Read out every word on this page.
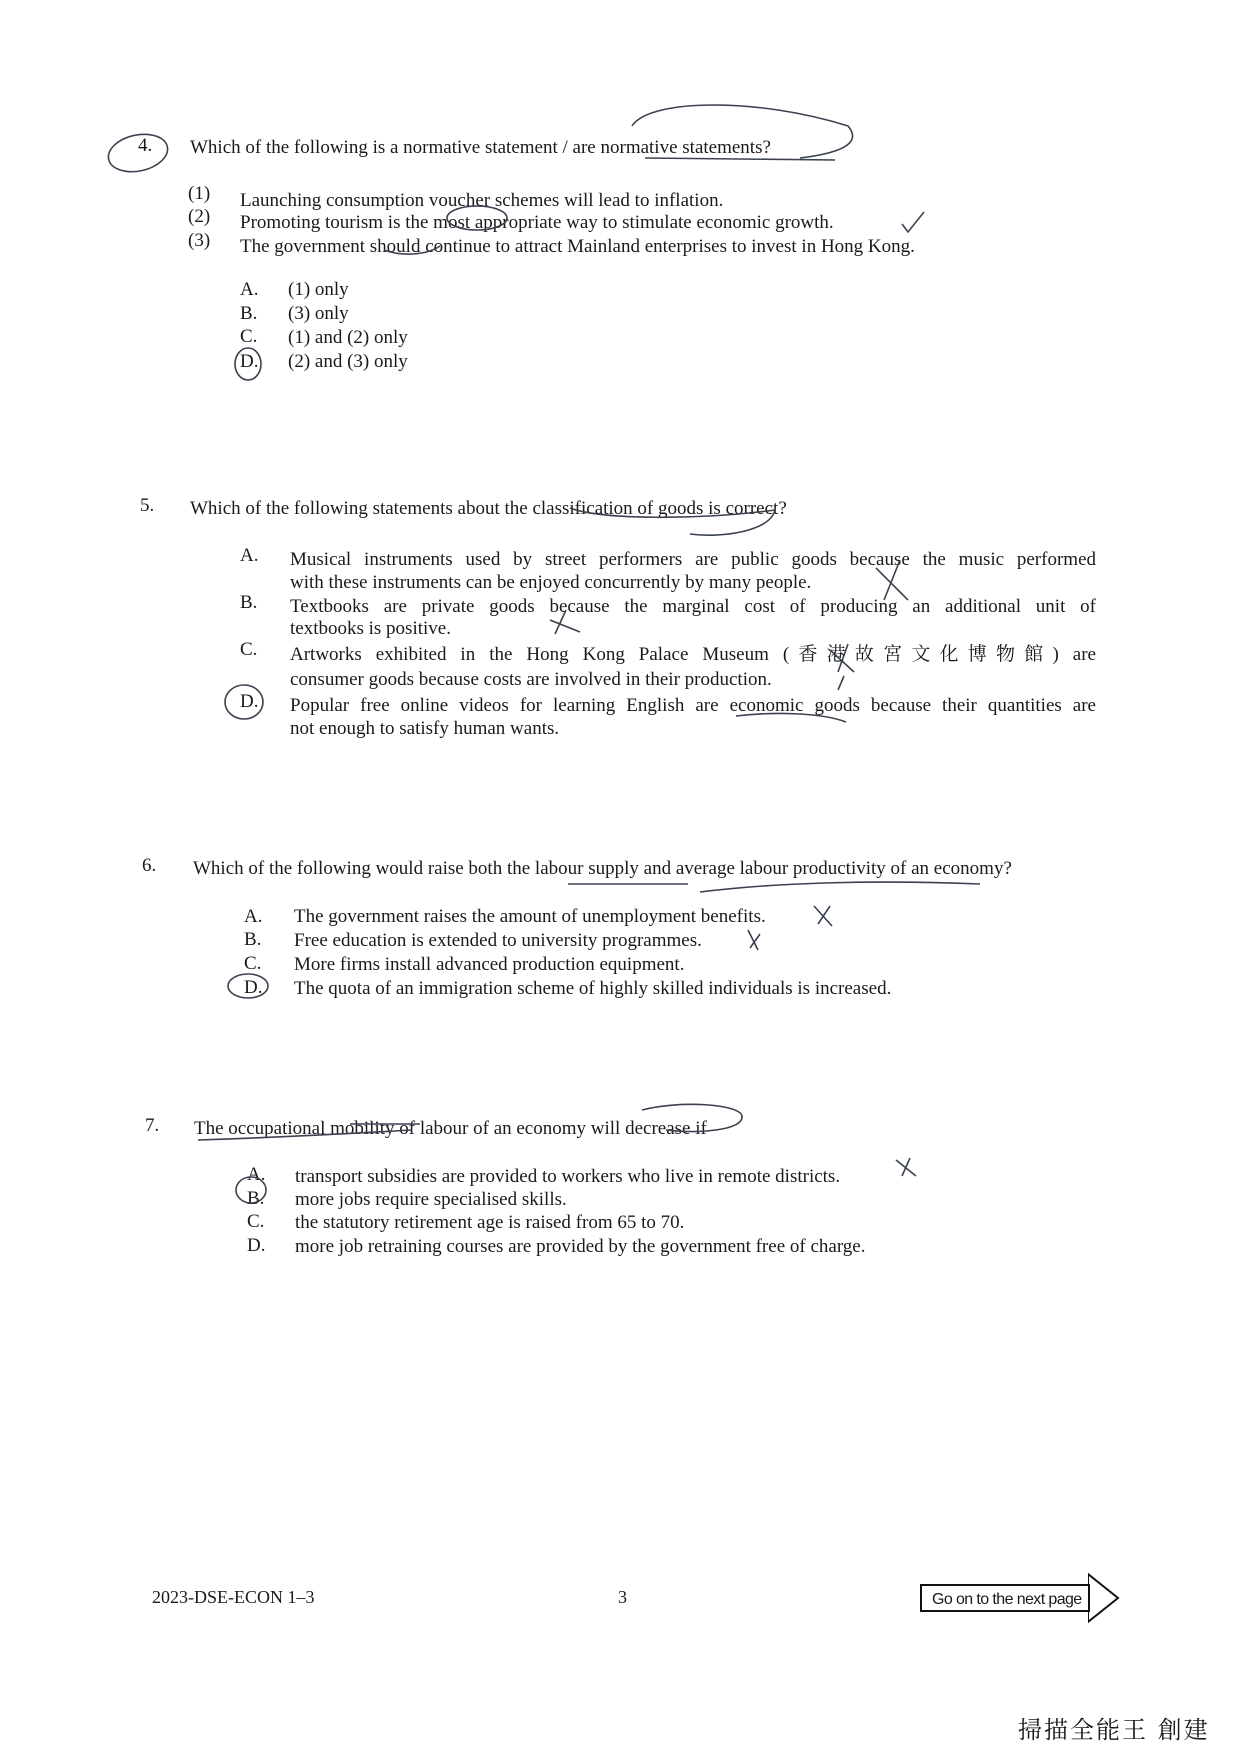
4.	Which of the following is a normative statement / are normative statements?
(1)	Launching consumption voucher schemes will lead to inflation.
(2)	Promoting tourism is the most appropriate way to stimulate economic growth.
(3)	The government should continue to attract Mainland enterprises to invest in Hong Kong.
A.	(1) only
B.	(3) only
C.	(1) and (2) only
D.	(2) and (3) only
5.	Which of the following statements about the classification of goods is correct?
A.	Musical instruments used by street performers are public goods because the music performed
with these instruments can be enjoyed concurrently by many people.
B.	Textbooks are private goods because the marginal cost of producing an additional unit of
textbooks is positive.
C.	Artworks exhibited in the Hong Kong Palace Museum (香港故宮文化博物館) are
consumer goods because costs are involved in their production.
D.	Popular free online videos for learning English are economic goods because their quantities are
not enough to satisfy human wants.
6.	Which of the following would raise both the labour supply and average labour productivity of an economy?
A.	The government raises the amount of unemployment benefits.
B.	Free education is extended to university programmes.
C.	More firms install advanced production equipment.
D.	The quota of an immigration scheme of highly skilled individuals is increased.
7.	The occupational mobility of labour of an economy will decrease if
A.	transport subsidies are provided to workers who live in remote districts.
B.	more jobs require specialised skills.
C.	the statutory retirement age is raised from 65 to 70.
D.	more job retraining courses are provided by the government free of charge.
2023-DSE-ECON 1–3	3	Go on to the next page
掃描全能王 創建
